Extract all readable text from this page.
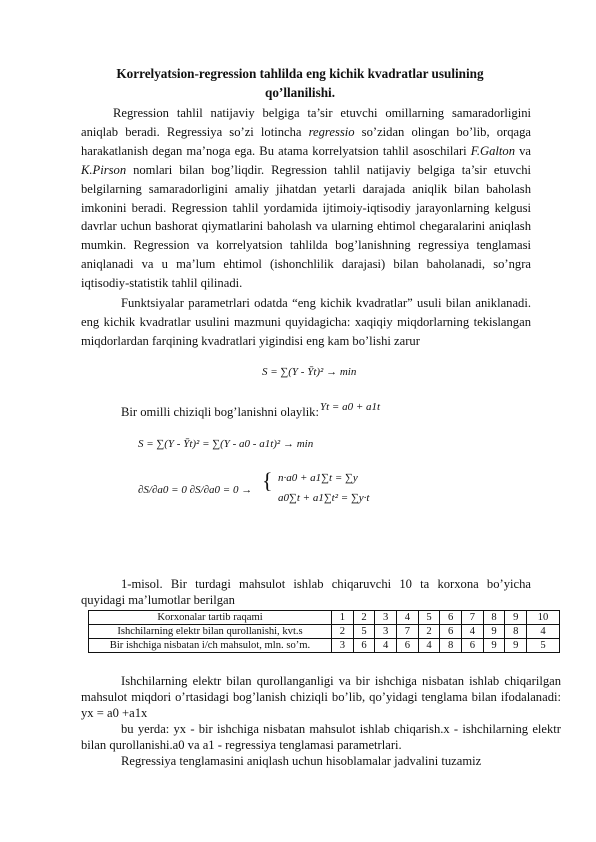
Korrelyatsion-regression tahlilda eng kichik kvadratlar usulining
qo’llanilishi.

Regression tahlil natijaviy belgiga ta’sir etuvchi omillarning samaradorligini aniqlab beradi. Regressiya so’zi lotincha regressio so’zidan olingan bo’lib, orqaga harakatlanish degan ma’noga ega. Bu atama korrelyatsion tahlil asoschilari F.Galton va K.Pirson nomlari bilan bog’liqdir. Regression tahlil natijaviy belgiga ta’sir etuvchi belgilarning samaradorligini amaliy jihatdan yetarli darajada aniqlik bilan baholash imkonini beradi. Regression tahlil yordamida ijtimoiy-iqtisodiy jarayonlarning kelgusi davrlar uchun bashorat qiymatlarini baholash va ularning ehtimol chegaralarini aniqlash mumkin. Regression va korrelyatsion tahlilda bog’lanishning regressiya tenglamasi aniqlanadi va u ma’lum ehtimol (ishonchlilik darajasi) bilan baholanadi, so’ngra iqtisodiy-statistik tahlil qilinadi.

Funktsiyalar parametrlari odatda “eng kichik kvadratlar” usuli bilan aniklanadi. eng kichik kvadratlar usulini mazmuni quyidagicha: xaqiqiy miqdorlarning tekislangan miqdorlardan farqining kvadratlari yigindisi eng kam bo’lishi zarur

S = ∑(Y - Ȳt)² → min
Bir omilli chiziqli bog’lanishni olaylik: Yt = a0 + a1t
S = ∑(Y - Ȳt)² = ∑(Y - a0 - a1t)² → min
∂S/∂a0 = 0 ∂S/∂a0 = 0 → { n·a0 + a1∑t = ∑y
a0∑t + a1∑t² = ∑y·t

1-misol. Bir turdagi mahsulot ishlab chiqaruvchi 10 ta korxona bo’yicha quyidagi ma’lumotlar berilgan

Korxonalar tartib raqami	1	2	3	4	5	6	7	8	9	10
Ishchilarning elektr bilan qurollanishi, kvt.s	2	5	3	7	2	6	4	9	8	4
Bir ishchiga nisbatan i/ch mahsulot, mln. so’m.	3	6	4	6	4	8	6	9	9	5
Ishchilarning elektr bilan qurollanganligi va bir ishchiga nisbatan ishlab chiqarilgan mahsulot miqdori o’rtasidagi bog’lanish chiziqli bo’lib, qo’yidagi tenglama bilan ifodalanadi: yx = a0 +a1x
bu yerda: yx - bir ishchiga nisbatan mahsulot ishlab chiqarish.x - ishchilarning elektr bilan qurollanishi.a0 va a1 - regressiya tenglamasi parametrlari.
Regressiya tenglamasini aniqlash uchun hisoblamalar jadvalini tuzamiz
